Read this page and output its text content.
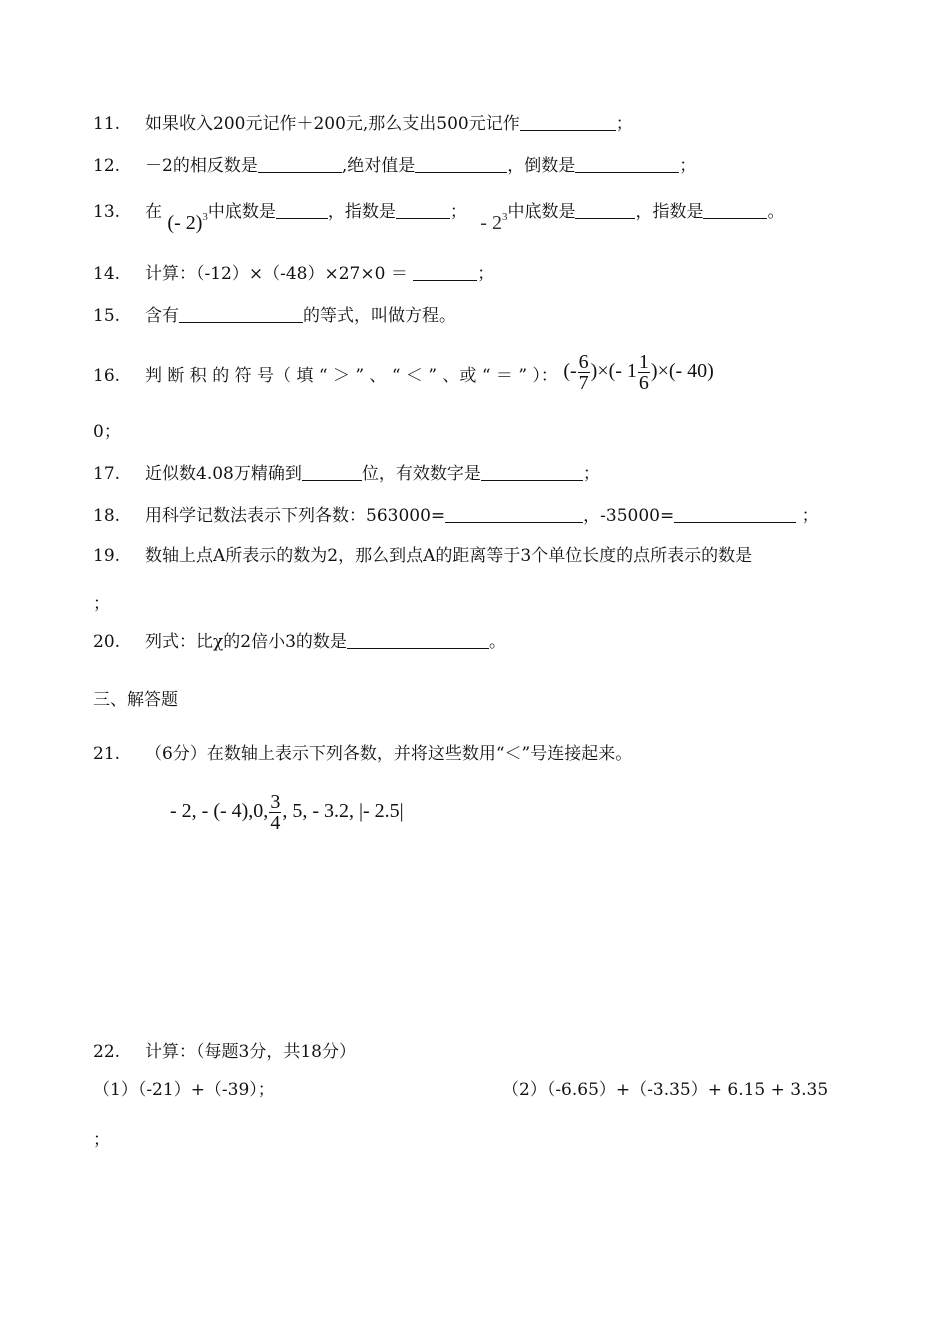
11. 如果收入200元记作＋200元,那么支出500元记作	；
12. －2的相反数是	,绝对值是	，倒数是	；
13. 在 (- 2)$^3$中底数是	，指数是	； - $2^3$中底数是	，指数是	。
14. 计算：（-12）×（-48）×27×0 ＝	；
15. 含有	的等式，叫做方程。
16. 判 断 积 的 符 号（ 填 “ ＞ ” 、 “ ＜ ” 、或 “ ＝ ” ）： (- $\frac{6}{7}$ )×(- $1 \frac{1}{6}$ )×(- 40)
0；
17. 近似数4.08万精确到	位，有效数字是	；
18. 用科学记数法表示下列各数：563000=	，-35000=	；
19. 数轴上点A所表示的数为2，那么到点A的距离等于3个单位长度的点所表示的数是
；
20. 列式：比χ的2倍小3的数是	。
三、解答题
21. （6分）在数轴上表示下列各数，并将这些数用“＜”号连接起来。
- 2, - (- 4),0, $\frac{3}{4}$ , 5, - 3.2, |- 2.5|
22. 计算：（每题3分，共18分）
（1）（-21）+（-39）；	（2）（-6.65）+（-3.35）+ 6.15 + 3.35
；
